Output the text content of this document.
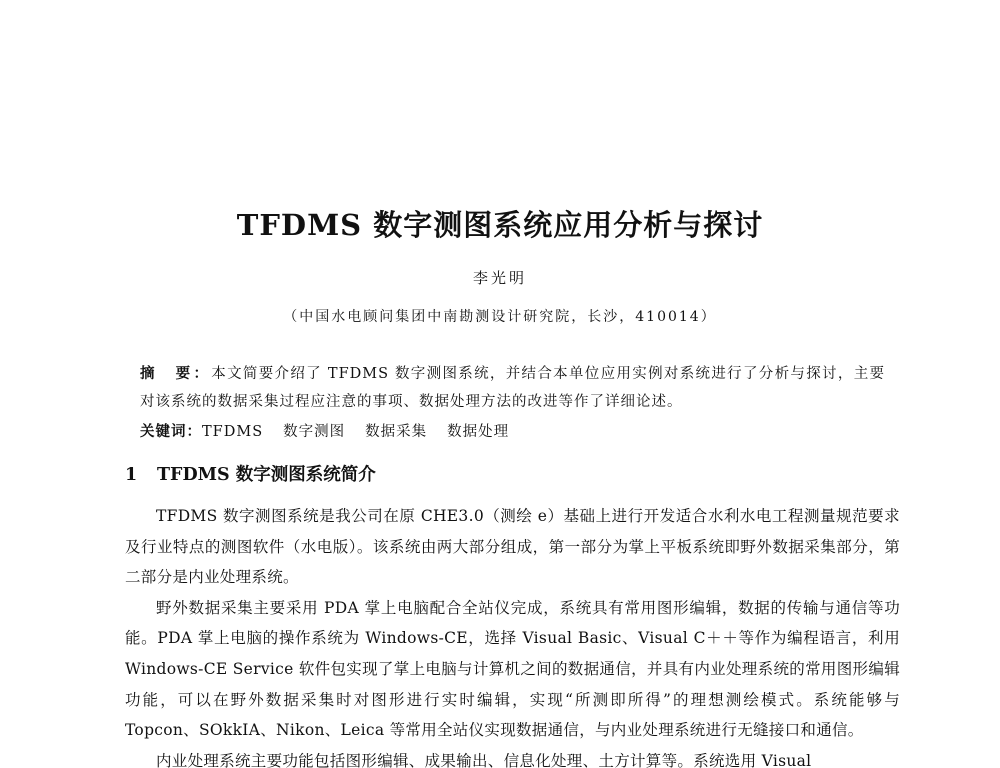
TFDMS 数字测图系统应用分析与探讨
李光明
（中国水电顾问集团中南勘测设计研究院，长沙，410014）
摘　要：本文简要介绍了 TFDMS 数字测图系统，并结合本单位应用实例对系统进行了分析与探讨，主要对该系统的数据采集过程应注意的事项、数据处理方法的改进等作了详细论述。
关键词：TFDMS 数字测图 数据采集 数据处理
1 TFDMS 数字测图系统简介

TFDMS 数字测图系统是我公司在原 CHE3.0（测绘 e）基础上进行开发适合水利水电工程测量规范要求及行业特点的测图软件（水电版）。该系统由两大部分组成，第一部分为掌上平板系统即野外数据采集部分，第二部分是内业处理系统。

野外数据采集主要采用 PDA 掌上电脑配合全站仪完成，系统具有常用图形编辑，数据的传输与通信等功能。PDA 掌上电脑的操作系统为 Windows-CE，选择 Visual Basic、Visual C＋＋等作为编程语言，利用 Windows-CE Service 软件包实现了掌上电脑与计算机之间的数据通信，并具有内业处理系统的常用图形编辑功能，可以在野外数据采集时对图形进行实时编辑，实现“所测即所得”的理想测绘模式。系统能够与 Topcon、SOkkIA、Nikon、Leica 等常用全站仪实现数据通信，与内业处理系统进行无缝接口和通信。

内业处理系统主要功能包括图形编辑、成果输出、信息化处理、土方计算等。系统选用 Visual
